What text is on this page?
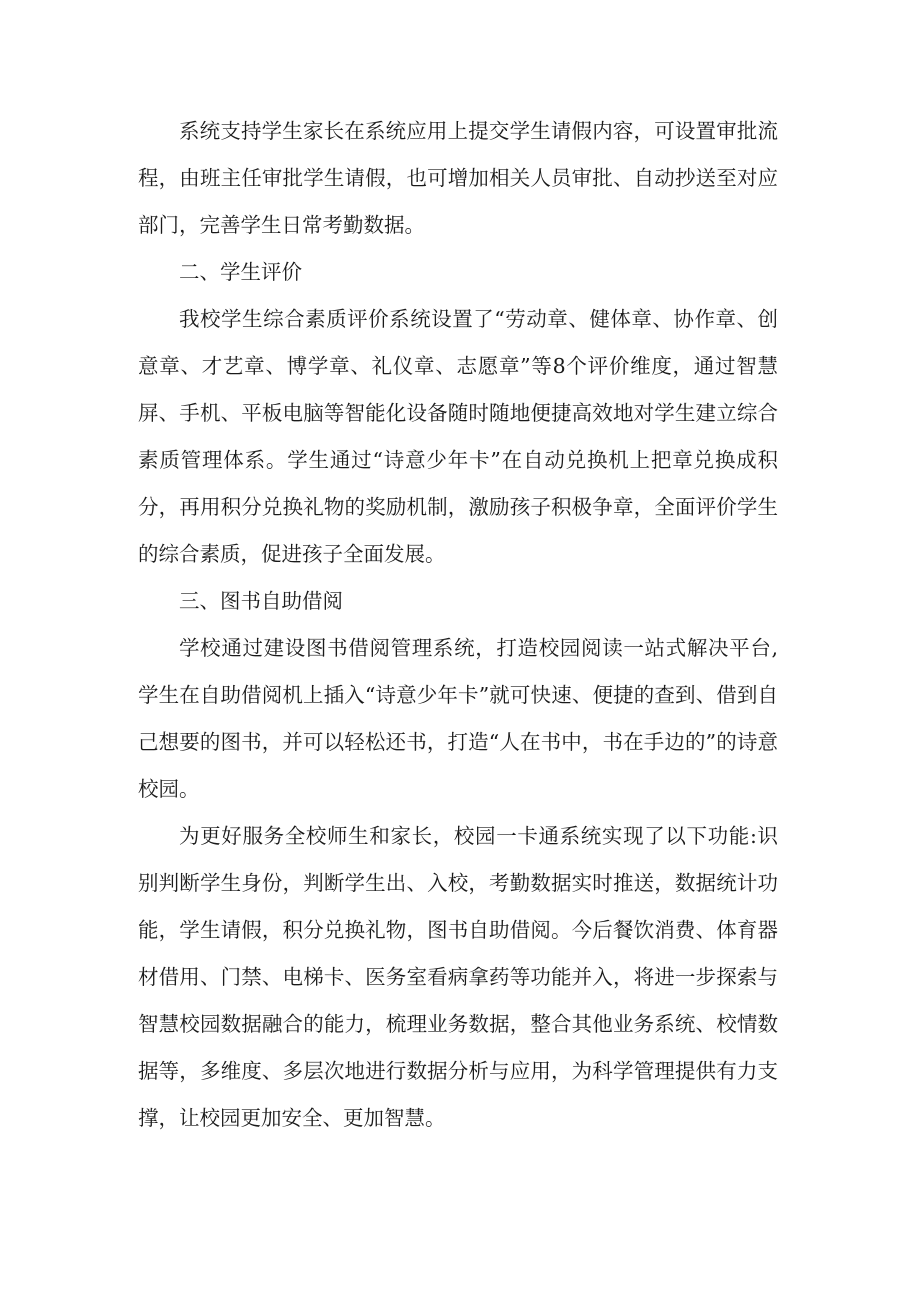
系统支持学生家长在系统应用上提交学生请假内容，可设置审批流程，由班主任审批学生请假，也可增加相关人员审批、自动抄送至对应部门，完善学生日常考勤数据。

二、学生评价

我校学生综合素质评价系统设置了“劳动章、健体章、协作章、创意章、才艺章、博学章、礼仪章、志愿章”等8个评价维度，通过智慧屏、手机、平板电脑等智能化设备随时随地便捷高效地对学生建立综合素质管理体系。学生通过“诗意少年卡”在自动兑换机上把章兑换成积分，再用积分兑换礼物的奖励机制，激励孩子积极争章，全面评价学生的综合素质，促进孩子全面发展。

三、图书自助借阅

学校通过建设图书借阅管理系统，打造校园阅读一站式解决平台,学生在自助借阅机上插入“诗意少年卡”就可快速、便捷的查到、借到自己想要的图书，并可以轻松还书，打造“人在书中，书在手边的”的诗意校园。

为更好服务全校师生和家长，校园一卡通系统实现了以下功能:识别判断学生身份，判断学生出、入校，考勤数据实时推送，数据统计功能，学生请假，积分兑换礼物，图书自助借阅。今后餐饮消费、体育器材借用、门禁、电梯卡、医务室看病拿药等功能并入，将进一步探索与智慧校园数据融合的能力，梳理业务数据，整合其他业务系统、校情数据等，多维度、多层次地进行数据分析与应用，为科学管理提供有力支撑，让校园更加安全、更加智慧。
